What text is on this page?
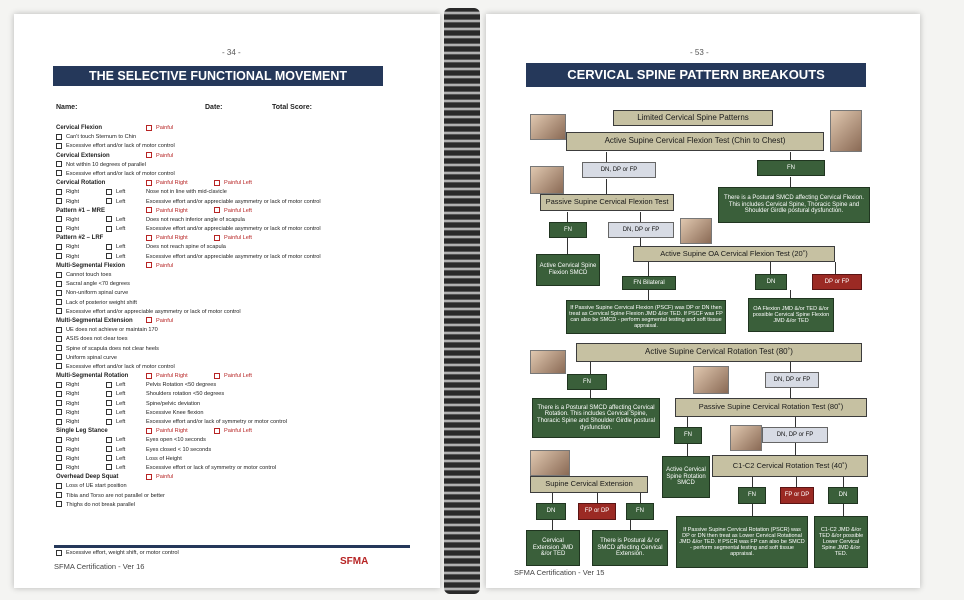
- 34 -
THE SELECTIVE FUNCTIONAL MOVEMENT ASSESSMENT
Name:	Date:	Total Score:
Cervical Flexion	Painful
Can't touch Sternum to Chin
Excessive effort and/or lack of motor control
Cervical Extension	Painful
Not within 10 degrees of parallel
Excessive effort and/or lack of motor control
Cervical Rotation	Painful Right	Painful Left
Right	Left	Nose not in line with mid-clavicle
Right	Left	Excessive effort and/or appreciable asymmetry or lack of motor control
Pattern #1 – MRE	Painful Right	Painful Left
Right	Left	Does not reach inferior angle of scapula
Right	Left	Excessive effort and/or appreciable asymmetry or lack of motor control
Pattern #2 – LRF	Painful Right	Painful Left
Right	Left	Does not reach spine of scapula
Right	Left	Excessive effort and/or appreciable asymmetry or lack of motor control
Multi-Segmental Flexion	Painful
Cannot touch toes
Sacral angle <70 degrees
Non-uniform spinal curve
Lack of posterior weight shift
Excessive effort and/or appreciable asymmetry or lack of motor control
Multi-Segmental Extension	Painful
UE does not achieve or maintain 170
ASIS does not clear toes
Spine of scapula does not clear heels
Uniform spinal curve
Excessive effort and/or lack of motor control
Multi-Segmental Rotation	Painful Right	Painful Left
Right	Left	Pelvis Rotation <50 degrees
Right	Left	Shoulders rotation <50 degrees
Right	Left	Spine/pelvic deviation
Right	Left	Excessive Knee flexion
Right	Left	Excessive effort and/or lack of symmetry or motor control
Single Leg Stance	Painful Right	Painful Left
Right	Left	Eyes open <10 seconds
Right	Left	Eyes closed < 10 seconds
Right	Left	Loss of Height
Right	Left	Excessive effort or lack of symmetry or motor control
Overhead Deep Squat	Painful
Loss of UE start position
Tibia and Torso are not parallel or better
Thighs do not break parallel
Excessive effort, weight shift, or motor control
SFMA Certification - Ver 16	SFMA
- 53 -
CERVICAL SPINE PATTERN BREAKOUTS
Limited Cervical Spine Patterns
Active Supine Cervical Flexion Test (Chin to Chest)
DN, DP or FP	FN
There is a Postural SMCD affecting Cervical Flexion. This includes Cervical Spine, Thoracic Spine and Shoulder Girdle postural dysfunction.
Passive Supine Cervical Flexion Test
FN	DN, DP or FP
Active Cervical Spine Flexion SMCD
Active Supine OA Cervical Flexion Test (20˚)
FN Bilateral	DN	DP or FP
If Passive Supine Cervical Flexion (PSCF) was DP or DN then treat as Cervical Spine Flexion JMD &/or TED. If PSCF was FP can also be SMCD - perform segmental testing and soft tissue appraisal.
OA Flexion JMD &/or TED &/or possible Cervical Spine Flexion JMD &/or TED
Active Supine Cervical Rotation Test (80˚)
FN	DN, DP or FP
There is a Postural SMCD affecting Cervical Rotation. This includes Cervical Spine, Thoracic Spine and Shoulder Girdle postural dysfunction.
Passive Supine Cervical Rotation Test (80˚)
FN	DN, DP or FP
Active Cervical Spine Rotation SMCD
C1-C2 Cervical Rotation Test (40˚)
FN	FP or DP	DN
Supine Cervical Extension
DN	FP or DP	FN
Cervical Extension JMD &/or TED
There is Postural &/ or SMCD affecting Cervical Extension.
If Passive Supine Cervical Rotation (PSCR) was DP or DN then treat as Lower Cervical Rotational JMD &/or TED. If PSCR was FP can also be SMCD - perform segmental testing and soft tissue appraisal.
C1-C2 JMD &/or TED &/or possible Lower Cervical Spine JMD &/or TED.
SFMA Certification - Ver 15
